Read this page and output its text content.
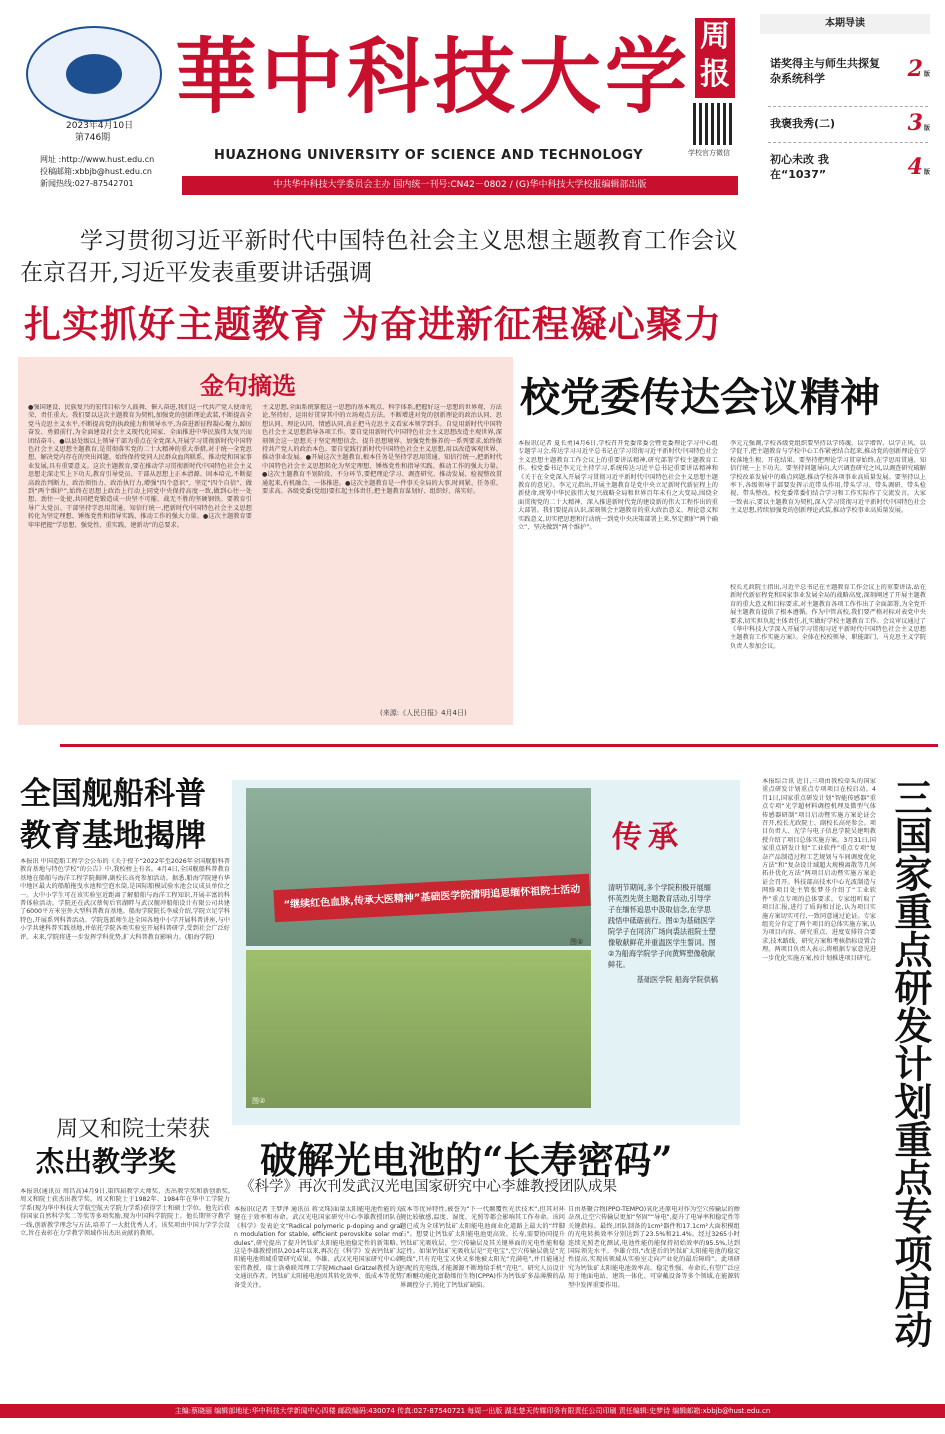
華中科技大学 周报
学校官方微信
HUAZHONG UNIVERSITY OF SCIENCE AND TECHNOLOGY
2023年4月10日
第746期
网址 :http://www.hust.edu.cn
投稿邮箱:xbbjb@hust.edu.cn
新闻热线:027-87542701	中共华中科技大学委员会主办 国内统一刊号:CN42－0802 / (G)华中科技大学校报编辑部出版
本期导读
诺奖得主与师生共探复杂系统科学	2版
我褒我秀(二)	3版
初心未改 我在“1037”	4版
学习贯彻习近平新时代中国特色社会主义思想主题教育工作会议
在京召开,习近平发表重要讲话强调
扎实抓好主题教育 为奋进新征程凝心聚力
金句摘选
●强国建设、民族复兴的宏伟目标令人鼓舞、催人奋进,我们这一代共产党人使命光荣、责任重大。我们要以这次主题教育为契机,加强党的创新理论武装,不断提高全党马克思主义水平,不断提高党的执政能力和领导水平,为奋进新征程凝心聚力,踔厉奋发、勇毅前行,为全面建设社会主义现代化国家、全面推进中华民族伟大复兴而团结奋斗。●以县处级以上领导干部为重点在全党深入开展学习贯彻新时代中国特色社会主义思想主题教育,是贯彻落实党的二十大精神的重大举措,对于统一全党思想、解决党内存在的突出问题、始终保持党同人民群众血肉联系、推动党和国家事业发展,具有重要意义。这次主题教育,要在推动学习贯彻新时代中国特色社会主义思想走深走实上下功夫,教育引导党员、干部从思想上正本清源、固本培元,不断提高政治判断力、政治领悟力、政治执行力,增强“四个意识”、坚定“四个自信”、做到“两个维护”,始终在思想上政治上行动上同党中央保持高度一致,做到心往一处想、劲往一处使,共同把党锻造成一块坚不可摧、战无不胜的坚硬钢铁。要教育引导广大党员、干部坚持学思用贯通、知信行统一,把新时代中国特色社会主义思想转化为坚定理想、锤炼党性和指导实践、推动工作的强大力量。●这次主题教育要牢牢把握“学思想、强党性、重实践、建新功”的总要求。
主义思想,全面系统掌握这一思想的基本观点、科学体系,把握好这一思想的世界观、方法论,坚持好、运用好贯穿其中的立场观点方法。不断增进对党的创新理论的政治认同、思想认同、理论认同、情感认同,真正把马克思主义看家本领学到手。自觉用新时代中国特色社会主义思想指导各项工作。要自觉用新时代中国特色社会主义思想改造主观世界,深刻领会这一思想关于坚定理想信念、提升思想境界、加强党性修养的一系列要求,始终保持共产党人的政治本色。要自觉践行新时代中国特色社会主义思想,用以改造客观世界、推动事业发展。●开展这次主题教育,根本任务是坚持学思用贯通、知信行统一,把新时代中国特色社会主义思想转化为坚定理想、锤炼党性和指导实践、推动工作的强大力量。●这次主题教育不划阶段、不分环节,要把理论学习、调查研究、推动发展、检视整改贯通起来,有机融合、一体推进。●这次主题教育是一件事关全局的大事,时间紧、任务重、要求高。各级党委(党组)要扛起主体责任,把主题教育谋划好、组织好、落实好。
(来源:《人民日报》4月4日)
校党委传达会议精神
本报讯(记者 夏长勇)4月6日,学校召开党委常委会暨党委理论学习中心组专题学习会,传达学习习近平总书记在学习贯彻习近平新时代中国特色社会主义思想主题教育工作会议上的重要讲话精神,研究部署学校主题教育工作。校党委书记李元元主持学习,系统传达习近平总书记重要讲话精神和《关于在全党深入开展学习贯彻习近平新时代中国特色社会主义思想主题教育的意见》。李元元指出,开展主题教育是党中央立足新时代新征程上的新使命,统筹中华民族伟大复兴战略全局和世界百年未有之大变局,围绕全面贯彻党的二十大精神、深入推进新时代党的建设新的伟大工程作出的重大部署。我们要提高认识,深刻领会主题教育的重大政治意义、理论意义和实践意义,切实把思想和行动统一到党中央决策部署上来,坚定拥护“两个确立”、坚决做到“两个维护”。
李元元强调,学校各级党组织要坚持以学铸魂、以学增智、以学正风、以学促干,把主题教育与学校中心工作紧密结合起来,推动党的创新理论在学校落地生根、开花结果。要坚持把理论学习贯穿始终,在学思用贯通、知信行统一上下功夫。要坚持问题导向,大兴调查研究之风,以调查研究破解学校改革发展中的难点问题,推动学校各项事业高质量发展。要坚持以上率下,各级领导干部要发挥示范带头作用,带头学习、带头调研、带头检视、带头整改。校党委常委们结合学习和工作实际作了交流发言。大家一致表示,要以主题教育为契机,深入学习贯彻习近平新时代中国特色社会主义思想,持续加强党的创新理论武装,推动学校事业高质量发展。
校长尤政院士指出,习近平总书记在主题教育工作会议上的重要讲话,站在新时代新征程党和国家事业发展全局的战略高度,深刻阐述了开展主题教育的重大意义和目标要求,对主题教育各项工作作出了全面部署,为全党开展主题教育提供了根本遵循。作为中管高校,我们要严格对标对表党中央要求,切实担负起主体责任,扎实做好学校主题教育工作。会议审议通过了《华中科技大学深入开展学习贯彻习近平新时代中国特色社会主义思想主题教育工作实施方案》。全体在校校领导、职能部门、马克思主义学院负责人参加会议。
全国舰船科普
教育基地揭牌
本报讯 中国造船工程学会公布的《关于授予“2022年至2026年全国舰船科普教育基地与特色学校”的公告》中,我校榜上有名。4月4日,全国舰船科普教育基地在船舶与海洋工程学院揭牌,副校长高亮参加活动。据悉,船海学院建有华中地区最大的船舶拖曳水池和空泡水筒,是国际船模试验水池会议成员单位之一。大中小学生可在该实验室近距离了解船舶与海洋工程知识,开展丰富的科普体验活动。学院还在武汉蔡甸后官湖畔与武汉舰冲船舶设计有限公司共建了6000平方米室外大型科普教育基地。船海学院院长李威介绍,学院立足学科特色,开展系列科普活动。学院选派师生赴全国各地中小学开展科普讲座,与中小学共建科普实践基地,并依托学院各类实验室开展科普研学,受到社会广泛好评。未来,学院将进一步发挥学科优势,扩大科普教育影响力。(船海学院)
周又和院士荣获
杰出教学奖
本报讯(通讯员 周昌高)4月9日,第四届教学大师奖、杰出教学奖和新创新奖,周又和院士获杰出教学奖。周又和院士于1982年、1984年在华中工学院力学系(现为华中科技大学航空航天学院力学系)获得学士和硕士学位。他先后获得国家自然科学奖二等奖等多项奖励,现为中国科学院院士。他长期坚守教学一线,创新教学理念与方法,培养了一大批优秀人才。该奖项由中国力学学会设立,旨在表彰在力学教学领域作出杰出贡献的教师。
“继续红色血脉,传承大医精神”基础医学院清明追思缅怀祖院士活动
图①
图②
传承
清明节期间,多个学院积极开展缅怀英烈先贤主题教育活动,引导学子在缅怀追思中汲取信念,在学思践悟中砥砺前行。图①为基础医学院学子在同济广场向裘法祖院士塑像敬献鲜花并重温医学生誓词。图②为船海学院学子向黄辉塑像敬献鲜花。
基础医学院 船海学院供稿
破解光电池的“长寿密码”
《科学》再次刊发武汉光电国家研究中心李雄教授团队成果
本报讯(记者 王梦泽 通讯员 蒋文珠)面量太阳能电池性能的关键在于效率和寿命。武汉光电国家研究中心李雄教授团队在《科学》发表论文“Radical polymeric p-doping and grain modulation for stable, efficient perovskite solar modules”,研究提出了提升钙钛矿太阳能电池稳定性的新策略。这是李雄教授团队2014年以来,再次在《科学》发表钙钛矿太阳能电池领域重要研究成果。李雄、武汉光电国家研究中心韩宏伟教授、瑞士洛桑联邦理工学院Michael Grätzel教授为论文通讯作者。钙钛矿太阳能电池因其转化效率、低成本等优势备受关注。
成本等优异特性,被誉为“下一代颠覆性光伏技术”,但其对环境比较敏感,温度、湿度、光照等都会影响其工作寿命。该问题已成为全球钙钛矿太阳能电池商业化道路上最大的“绊脚石”。想要让钙钛矿太阳能电池更高效、长寿,需要协同提升钙钛矿光吸收层、空穴传输层及其关键界面的光电性能和稳定性。如果钙钛矿光吸收层是“充电宝”,空穴传输层就是“充电线”,只有充电宝又快又多地被太阳光“充满电”,并且能通过匹配的充电线,才能源源不断地给手机“充电”。研究人员设计了酚醚功能化富勒烯衍生物(CPPA)作为钙钛矿多晶薄膜的晶界调控分子,钝化了钙钛矿缺陷。
自由基聚合物(PPO-TEMPO)氧化还原电对作为空穴传输层的掺杂剂,让空穴传输层更加“坚固”“导电”,提升了电导率和稳定性等关键指标。最终,团队制备的1cm²器件和17.1cm²大面积模组的光电转换效率分别达到了23.5%和21.4%。经过3265小时连续光照老化测试,电池性能仍能保持初始效率的95.5%,达到国际领先水平。李雄介绍,“改进后的钙钛矿太阳能电池的稳定性提高,实现该领域从实验室走向产业化的最后障碍”。此项研究为钙钛矿太阳能电池效率高、稳定性强、寿命长,有望广泛应用于地面电站、建筑一体化、可穿戴设备等多个领域,在能源转型中发挥重要作用。
本报综合讯 近日,三项由我校牵头的国家重点研发计划重点专项项目在校启动。4月1日,国家重点研发计划“智能传感器”重点专项“光学超材料调控机理及微型气体传感器研制”项目启动暨实施方案论证会召开,校长尤政院士、副校长高亮参会。项目负责人、光学与电子信息学院吴建明教授介绍了项目总体实施方案。3月31日,国家重点研发计划“工业软件”重点专项“复杂产品制造过程工艺规划与车间调度优化方法”和“复杂设计域超大规模离散等几何拓扑优化方法”两项目启动暨实施方案论证会召开。科技部高技术中心光波制造与网络项目处主管张梦芬介绍了“工业软件”重点专项的总体要求。专家组听取了项目汇报,进行了质询和讨论,认为项目实施方案切实可行,一致同意通过论证。专家组充分肯定了两个项目的总体实施方案,认为项目内容、研究重点、进度安排符合要求,技术路线、研究方案和考核指标设置合理。两项目负责人表示,将根据专家意见进一步优化实施方案,按计划推进项目研究。 三国家重点研发计划重点专项启动
主编:蔡晓丽 编辑部地址:华中科技大学新闻中心四楼 邮政编码:430074 传真:027-87540721 每周一出版 湖北楚天传媒印务有限责任公司印刷 责任编辑:史梦诗 编辑邮箱:xbbjb@hust.edu.cn
